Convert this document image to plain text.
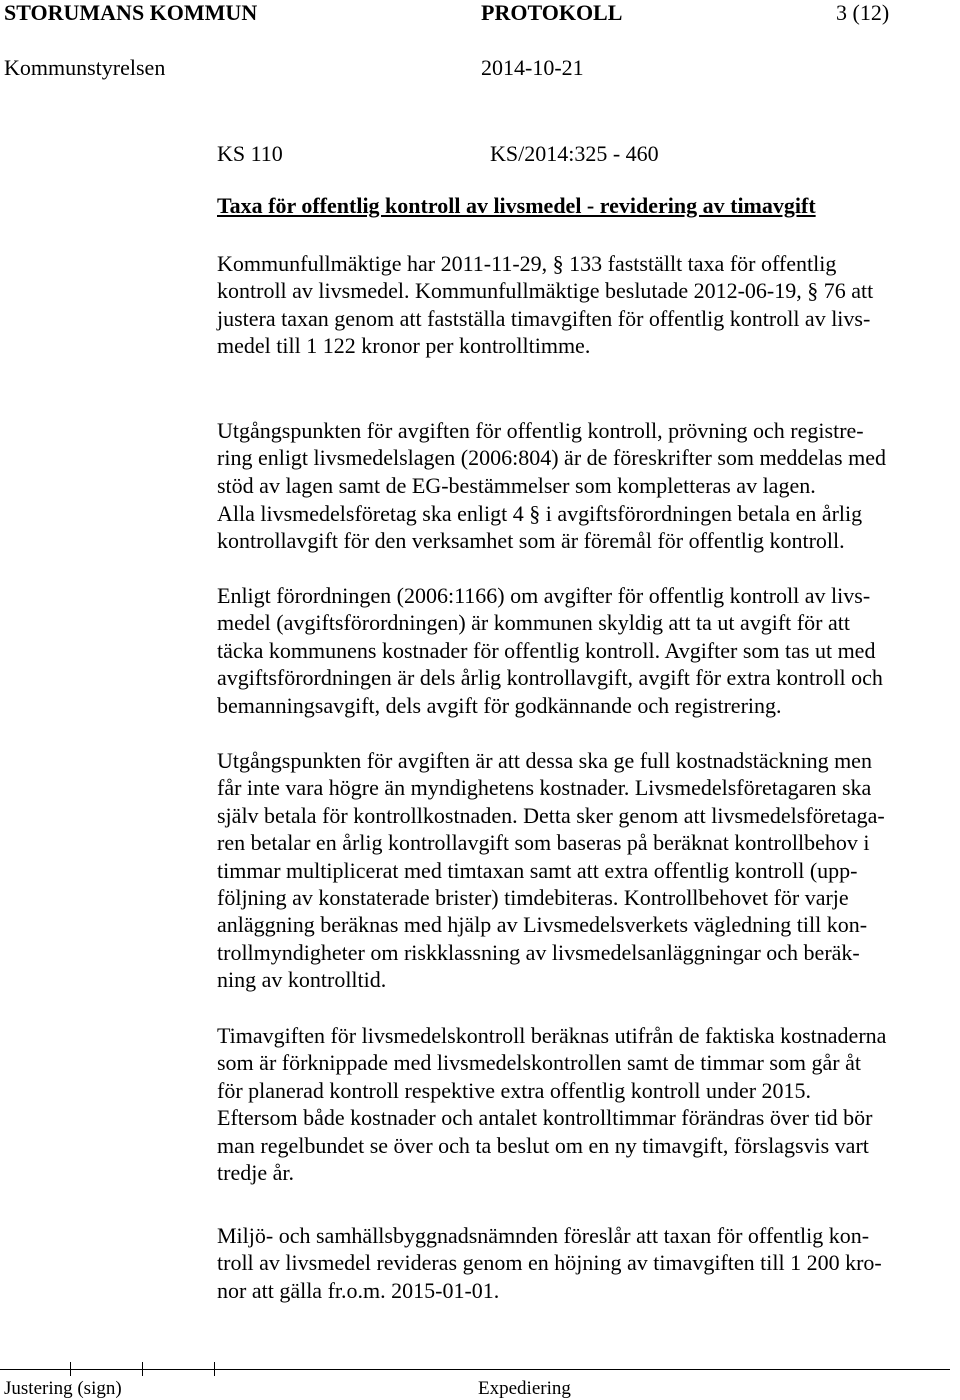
STORUMANS KOMMUN	PROTOKOLL	3 (12)
Kommunstyrelsen	2014-10-21
KS 110	KS/2014:325 - 460
Taxa för offentlig kontroll av livsmedel - revidering av timavgift
Kommunfullmäktige har 2011-11-29, § 133 fastställt taxa för offentlig
kontroll av livsmedel. Kommunfullmäktige beslutade 2012-06-19, § 76 att
justera taxan genom att fastställa timavgiften för offentlig kontroll av livs-
medel till 1 122 kronor per kontrolltimme.
Utgångspunkten för avgiften för offentlig kontroll, prövning och registre-
ring enligt livsmedelslagen (2006:804) är de föreskrifter som meddelas med
stöd av lagen samt de EG-bestämmelser som kompletteras av lagen.
Alla livsmedelsföretag ska enligt 4 § i avgiftsförordningen betala en årlig
kontrollavgift för den verksamhet som är föremål för offentlig kontroll.
Enligt förordningen (2006:1166) om avgifter för offentlig kontroll av livs-
medel (avgiftsförordningen) är kommunen skyldig att ta ut avgift för att
täcka kommunens kostnader för offentlig kontroll. Avgifter som tas ut med
avgiftsförordningen är dels årlig kontrollavgift, avgift för extra kontroll och
bemanningsavgift, dels avgift för godkännande och registrering.
Utgångspunkten för avgiften är att dessa ska ge full kostnadstäckning men
får inte vara högre än myndighetens kostnader. Livsmedelsföretagaren ska
själv betala för kontrollkostnaden. Detta sker genom att livsmedelsföretaga-
ren betalar en årlig kontrollavgift som baseras på beräknat kontrollbehov i
timmar multiplicerat med timtaxan samt att extra offentlig kontroll (upp-
följning av konstaterade brister) timdebiteras. Kontrollbehovet för varje
anläggning beräknas med hjälp av Livsmedelsverkets vägledning till kon-
trollmyndigheter om riskklassning av livsmedelsanläggningar och beräk-
ning av kontrolltid.
Timavgiften för livsmedelskontroll beräknas utifrån de faktiska kostnaderna
som är förknippade med livsmedelskontrollen samt de timmar som går åt
för planerad kontroll respektive extra offentlig kontroll under 2015.
Eftersom både kostnader och antalet kontrolltimmar förändras över tid bör
man regelbundet se över och ta beslut om en ny timavgift, förslagsvis vart
tredje år.
Miljö- och samhällsbyggnadsnämnden föreslår att taxan för offentlig kon-
troll av livsmedel revideras genom en höjning av timavgiften till 1 200 kro-
nor att gälla fr.o.m. 2015-01-01.
Justering (sign)	Expediering
